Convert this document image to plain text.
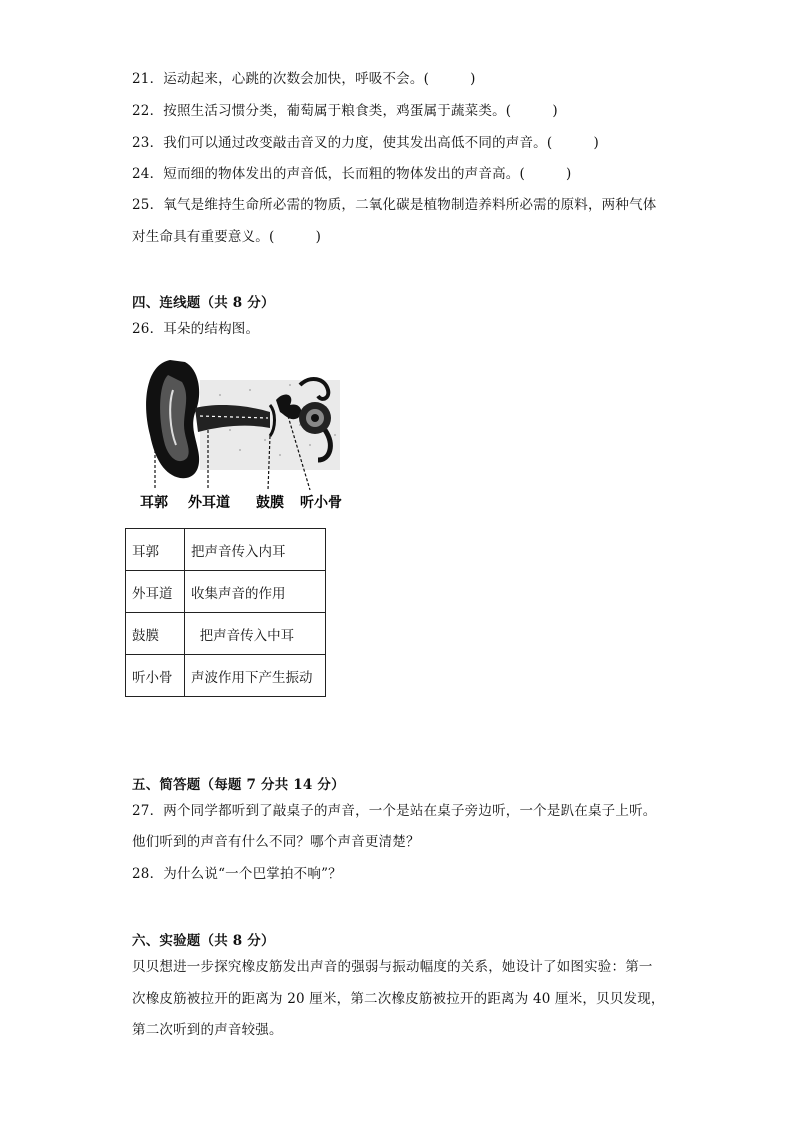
21．运动起来，心跳的次数会加快，呼吸不会。(　　　)
22．按照生活习惯分类，葡萄属于粮食类，鸡蛋属于蔬菜类。(　　　)
23．我们可以通过改变敲击音叉的力度，使其发出高低不同的声音。(　　　)
24．短而细的物体发出的声音低，长而粗的物体发出的声音高。(　　　)
25．氧气是维持生命所必需的物质，二氧化碳是植物制造养料所必需的原料，两种气体
对生命具有重要意义。(　　　)
四、连线题（共 8 分）
26．耳朵的结构图。
耳郭 外耳道 鼓膜 听小骨
耳郭	把声音传入内耳
外耳道	收集声音的作用
鼓膜	把声音传入中耳
听小骨	声波作用下产生振动
五、简答题（每题 7 分共 14 分）
27．两个同学都听到了敲桌子的声音，一个是站在桌子旁边听，一个是趴在桌子上听。
他们听到的声音有什么不同？哪个声音更清楚？
28．为什么说“一个巴掌拍不响”？
六、实验题（共 8 分）
贝贝想进一步探究橡皮筋发出声音的强弱与振动幅度的关系，她设计了如图实验：第一
次橡皮筋被拉开的距离为 20 厘米，第二次橡皮筋被拉开的距离为 40 厘米，贝贝发现，
第二次听到的声音较强。
